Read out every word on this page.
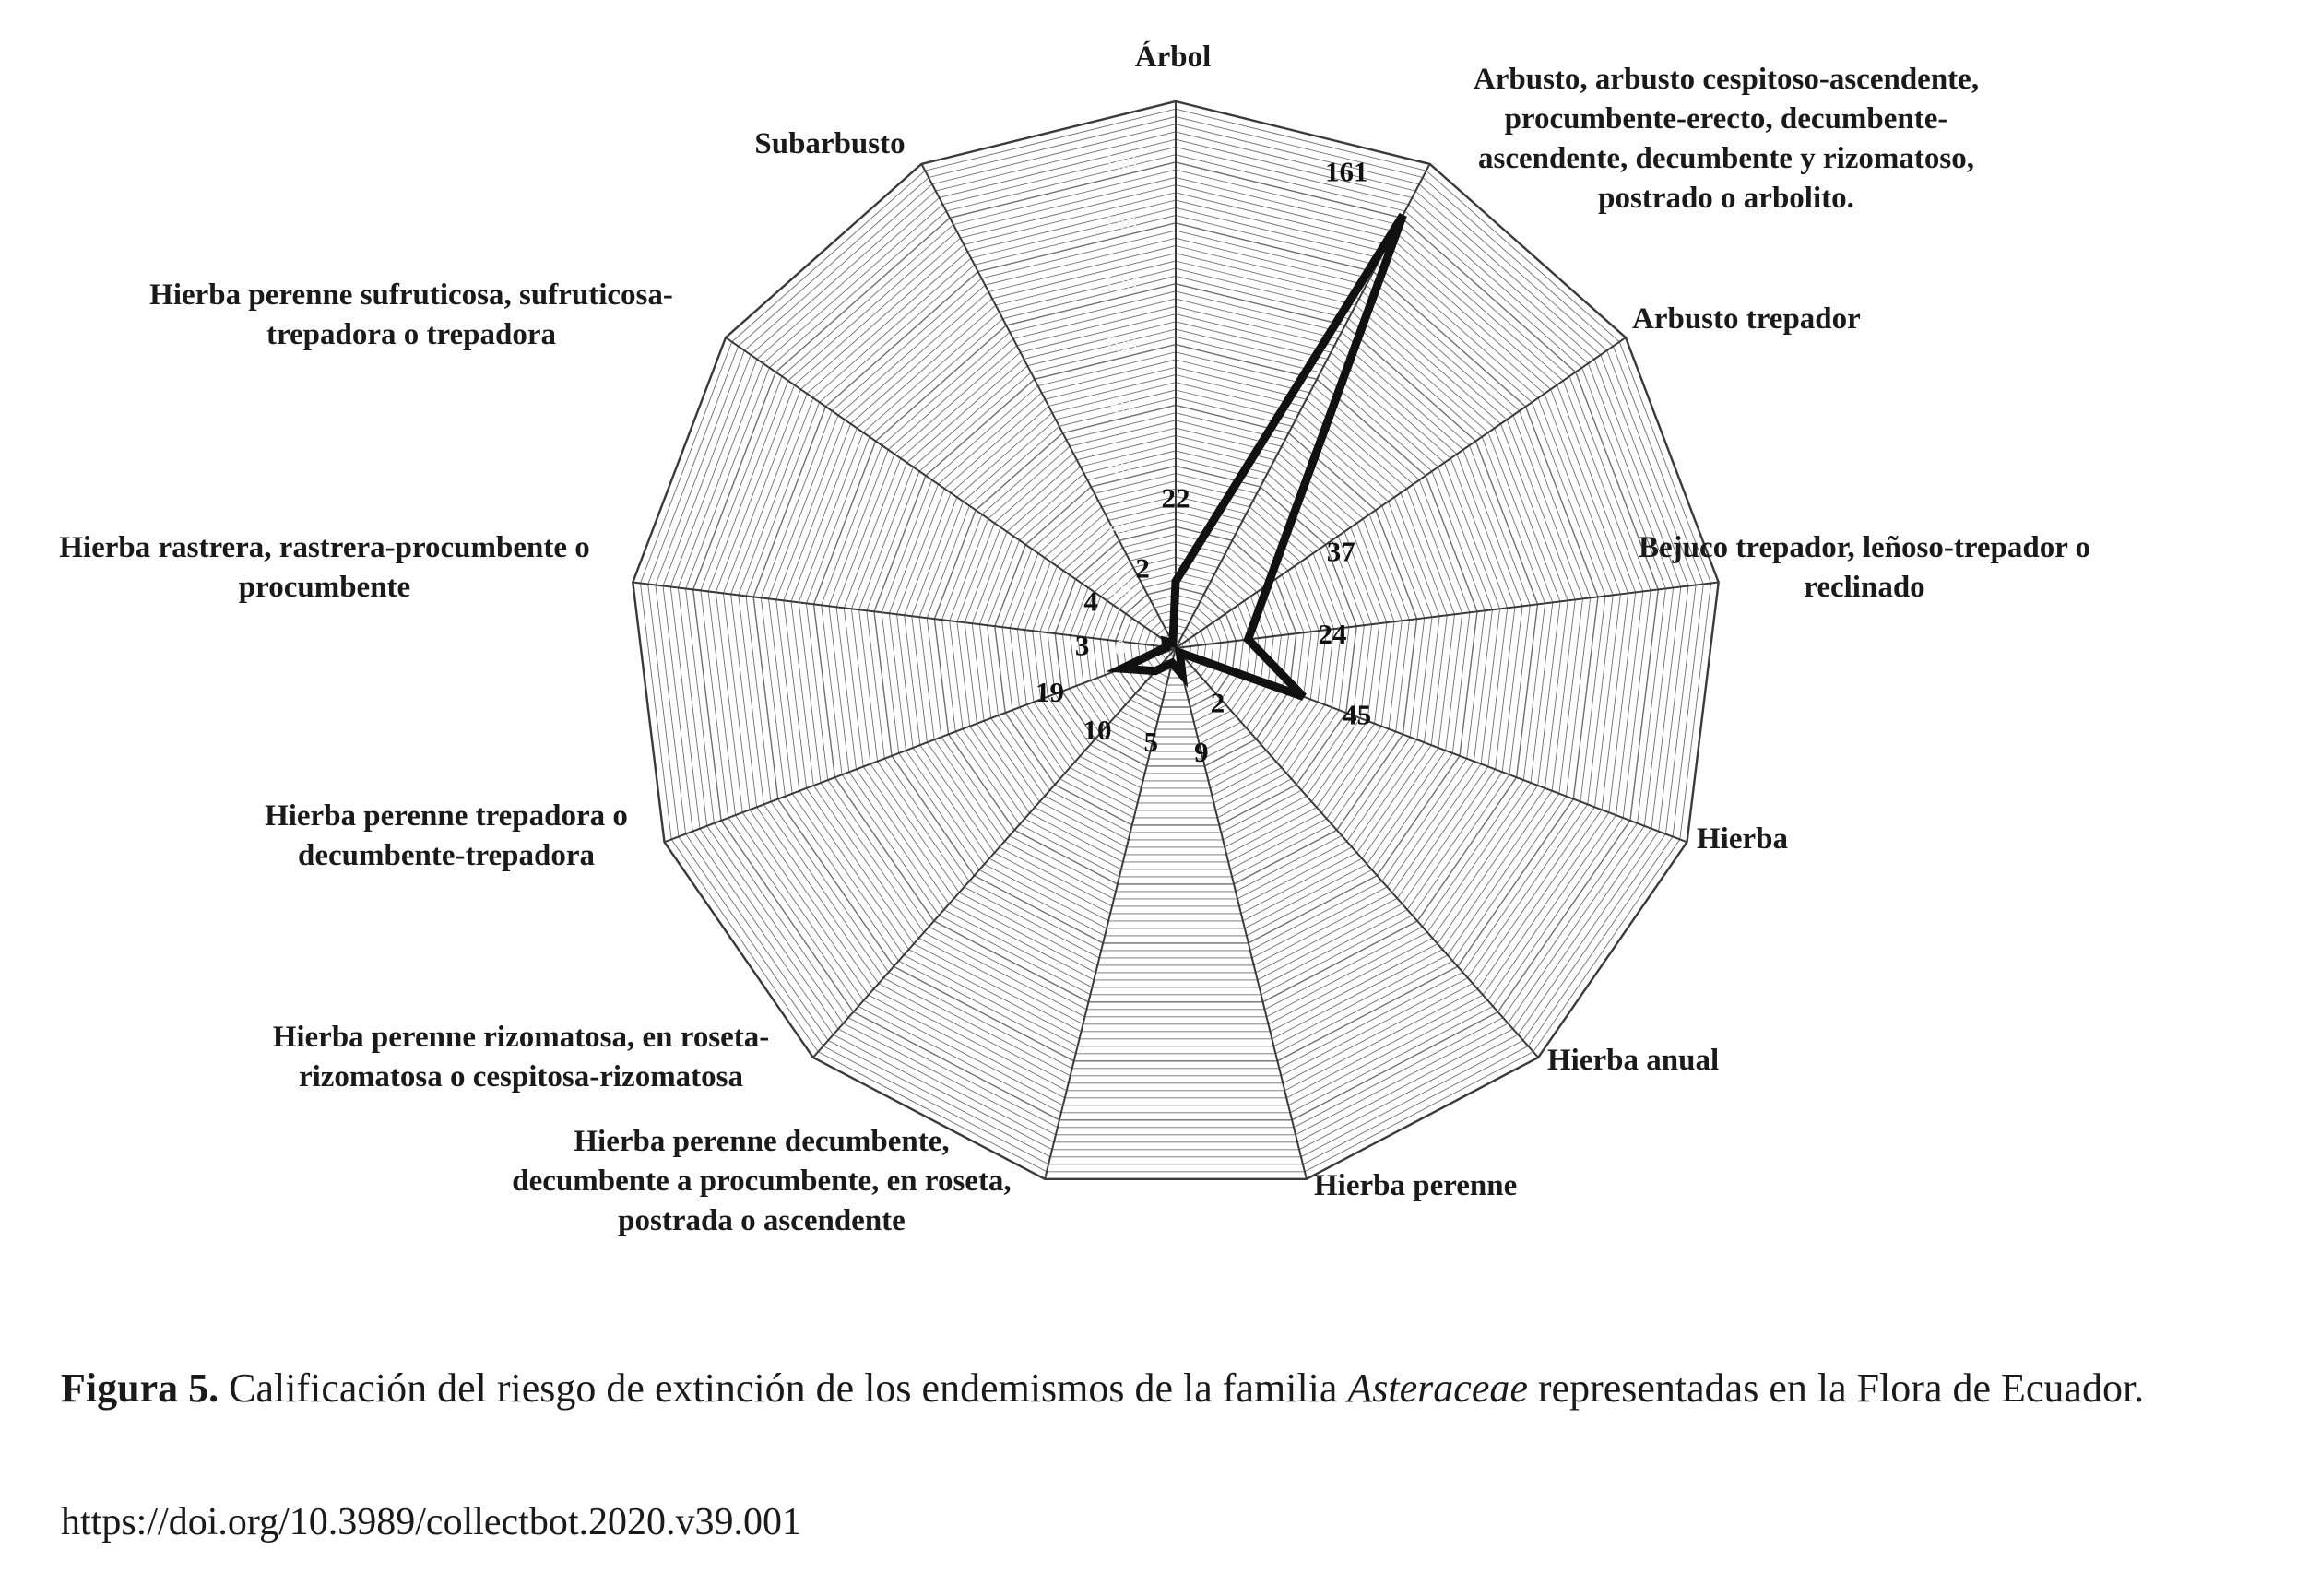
0
20
40
60
80
100
120
140
160
22
161
37
24
45
2
9
5
10
19
3
4
2
Árbol
Arbusto, arbusto cespitoso-ascendente, procumbente-erecto, decumbente-ascendente, decumbente y rizomatoso, postrado o arbolito.
Arbusto trepador
Bejuco trepador, leñoso-trepador o reclinado
Hierba
Hierba anual
Hierba perenne
Hierba perenne decumbente, decumbente a procumbente, en roseta, postrada o ascendente
Hierba perenne rizomatosa, en roseta-rizomatosa o cespitosa-rizomatosa
Hierba perenne trepadora o decumbente-trepadora
Hierba rastrera, rastrera-procumbente o procumbente
Hierba perenne sufruticosa, sufruticosa-trepadora o trepadora
Subarbusto
Figura 5. Calificación del riesgo de extinción de los endemismos de la familia Asteraceae representadas en la Flora de Ecuador.
https://doi.org/10.3989/collectbot.2020.v39.001
